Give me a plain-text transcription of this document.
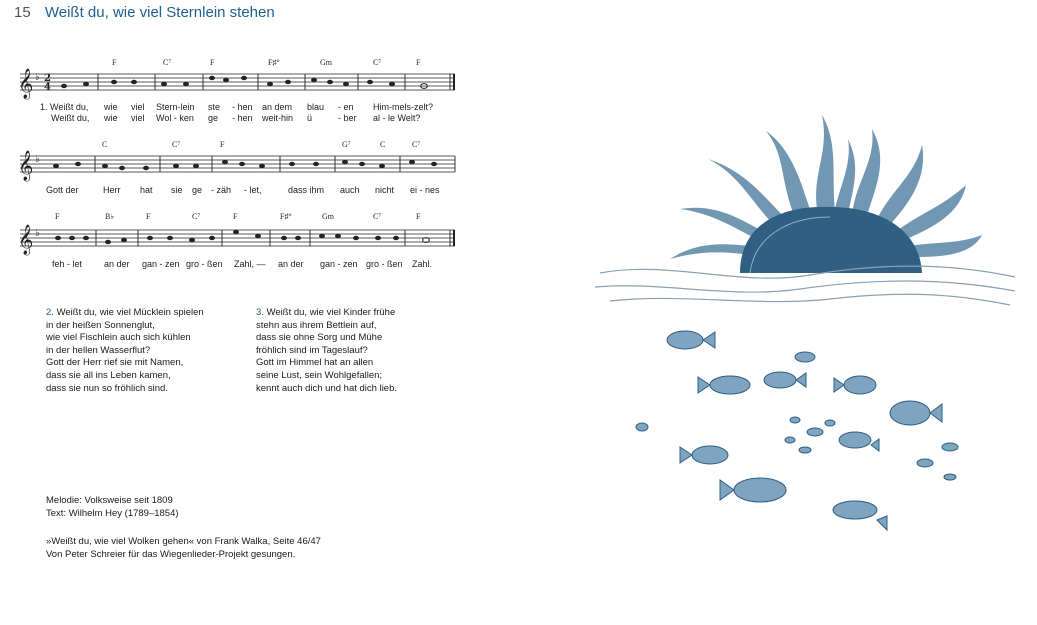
15 Weißt du, wie viel Sternlein stehen
𝄞
𝄞
𝄞
♭
♭
♭
2
4
F	C⁷	F	F♯°	Gm	C⁷	F
1. Weißt du, wie viel Stern-lein ste - hen an dem blau - en Him-mels-zelt?
Weißt du, wie viel Wol - ken ge - hen weit-hin ü	- ber al - le Welt?
C	C⁷	F	G⁷	C	C⁷
Gott der	Herr hat sie ge - zäh - let,	dass ihm auch nicht ei - nes
F	B♭	F	C⁷	F	F♯°	Gm	C⁷	F
feh - let an der gan - zen gro - ßen Zahl, — an der gan - zen gro - ßen Zahl.
2. Weißt du, wie viel Mücklein spielen
in der heißen Sonnenglut,
wie viel Fischlein auch sich kühlen
in der hellen Wasserflut?
Gott der Herr rief sie mit Namen,
dass sie all ins Leben kamen,
dass sie nun so fröhlich sind.
3. Weißt du, wie viel Kinder frühe
stehn aus ihrem Bettlein auf,
dass sie ohne Sorg und Mühe
fröhlich sind im Tageslauf?
Gott im Himmel hat an allen
seine Lust, sein Wohlgefallen;
kennt auch dich und hat dich lieb.
Melodie: Volksweise seit 1809
Text: Wilhelm Hey (1789–1854)
»Weißt du, wie viel Wolken gehen« von Frank Walka, Seite 46/47
Von Peter Schreier für das Wiegenlieder-Projekt gesungen.
